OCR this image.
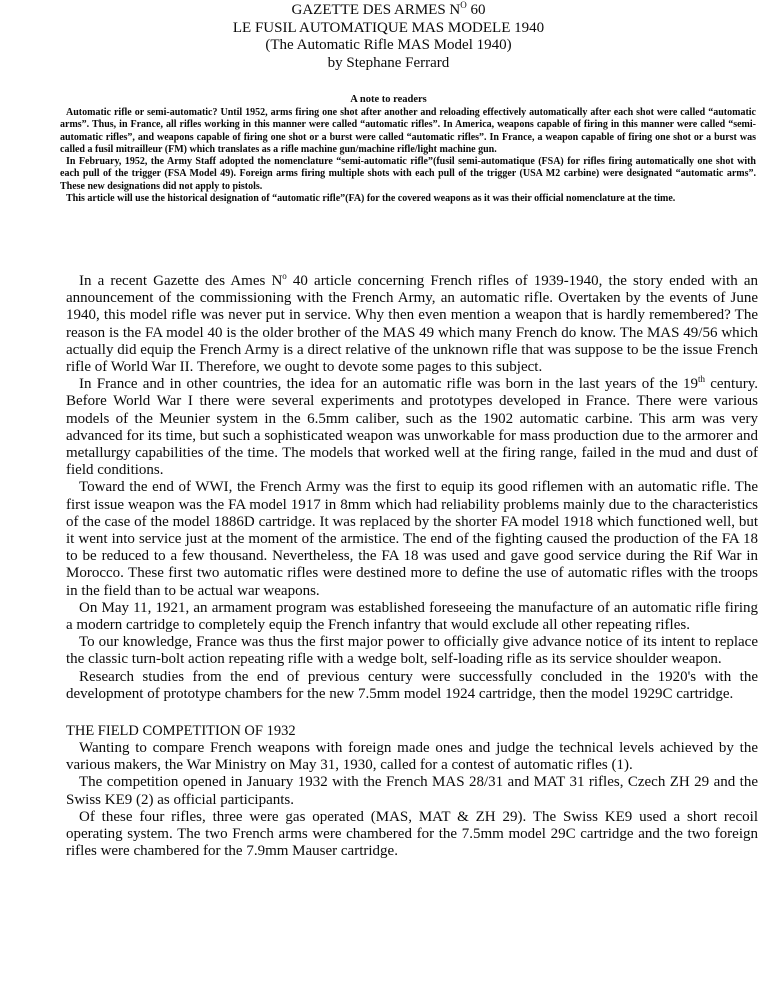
GAZETTE DES ARMES $N^O$ 60

LE FUSIL AUTOMATIQUE MAS MODELE 1940

(The Automatic Rifle MAS Model 1940)

by Stephane Ferrard

A note to readers

Automatic rifle or semi-automatic? Until 1952, arms firing one shot after another and reloading effectively automatically after each shot were called “automatic arms”. Thus, in France, all rifles working in this manner were called “automatic rifles”. In America, weapons capable of firing in this manner were called “semi-automatic rifles”, and weapons capable of firing one shot or a burst were called “automatic rifles”. In France, a weapon capable of firing one shot or a burst was called a fusil mitrailleur (FM) which translates as a rifle machine gun/machine rifle/light machine gun.

In February, 1952, the Army Staff adopted the nomenclature “semi-automatic rifle”(fusil semi-automatique (FSA) for rifles firing automatically one shot with each pull of the trigger (FSA Model 49). Foreign arms firing multiple shots with each pull of the trigger (USA M2 carbine) were designated “automatic arms”. These new designations did not apply to pistols.

This article will use the historical designation of “automatic rifle”(FA) for the covered weapons as it was their official nomenclature at the time.

In a recent Gazette des Ames $N^o$ 40 article concerning French rifles of 1939-1940, the story ended with an announcement of the commissioning with the French Army, an automatic rifle. Overtaken by the events of June 1940, this model rifle was never put in service. Why then even mention a weapon that is hardly remembered? The reason is the FA model 40 is the older brother of the MAS 49 which many French do know. The MAS 49/56 which actually did equip the French Army is a direct relative of the unknown rifle that was suppose to be the issue French rifle of World War II. Therefore, we ought to devote some pages to this subject.

In France and in other countries, the idea for an automatic rifle was born in the last years of the 19th century. Before World War I there were several experiments and prototypes developed in France. There were various models of the Meunier system in the 6.5mm caliber, such as the 1902 automatic carbine. This arm was very advanced for its time, but such a sophisticated weapon was unworkable for mass production due to the armorer and metallurgy capabilities of the time. The models that worked well at the firing range, failed in the mud and dust of field conditions.

Toward the end of WWI, the French Army was the first to equip its good riflemen with an automatic rifle. The first issue weapon was the FA model 1917 in 8mm which had reliability problems mainly due to the characteristics of the case of the model 1886D cartridge. It was replaced by the shorter FA model 1918 which functioned well, but it went into service just at the moment of the armistice. The end of the fighting caused the production of the FA 18 to be reduced to a few thousand. Nevertheless, the FA 18 was used and gave good service during the Rif War in Morocco. These first two automatic rifles were destined more to define the use of automatic rifles with the troops in the field than to be actual war weapons.

On May 11, 1921, an armament program was established foreseeing the manufacture of an automatic rifle firing a modern cartridge to completely equip the French infantry that would exclude all other repeating rifles.

To our knowledge, France was thus the first major power to officially give advance notice of its intent to replace the classic turn-bolt action repeating rifle with a wedge bolt, self-loading rifle as its service shoulder weapon.

Research studies from the end of previous century were successfully concluded in the 1920's with the development of prototype chambers for the new 7.5mm model 1924 cartridge, then the model 1929C cartridge.

THE FIELD COMPETITION OF 1932

Wanting to compare French weapons with foreign made ones and judge the technical levels achieved by the various makers, the War Ministry on May 31, 1930, called for a contest of automatic rifles (1).

The competition opened in January 1932 with the French MAS 28/31 and MAT 31 rifles, Czech ZH 29 and the Swiss KE9 (2) as official participants.

Of these four rifles, three were gas operated (MAS, MAT & ZH 29). The Swiss KE9 used a short recoil operating system. The two French arms were chambered for the 7.5mm model 29C cartridge and the two foreign rifles were chambered for the 7.9mm Mauser cartridge.
